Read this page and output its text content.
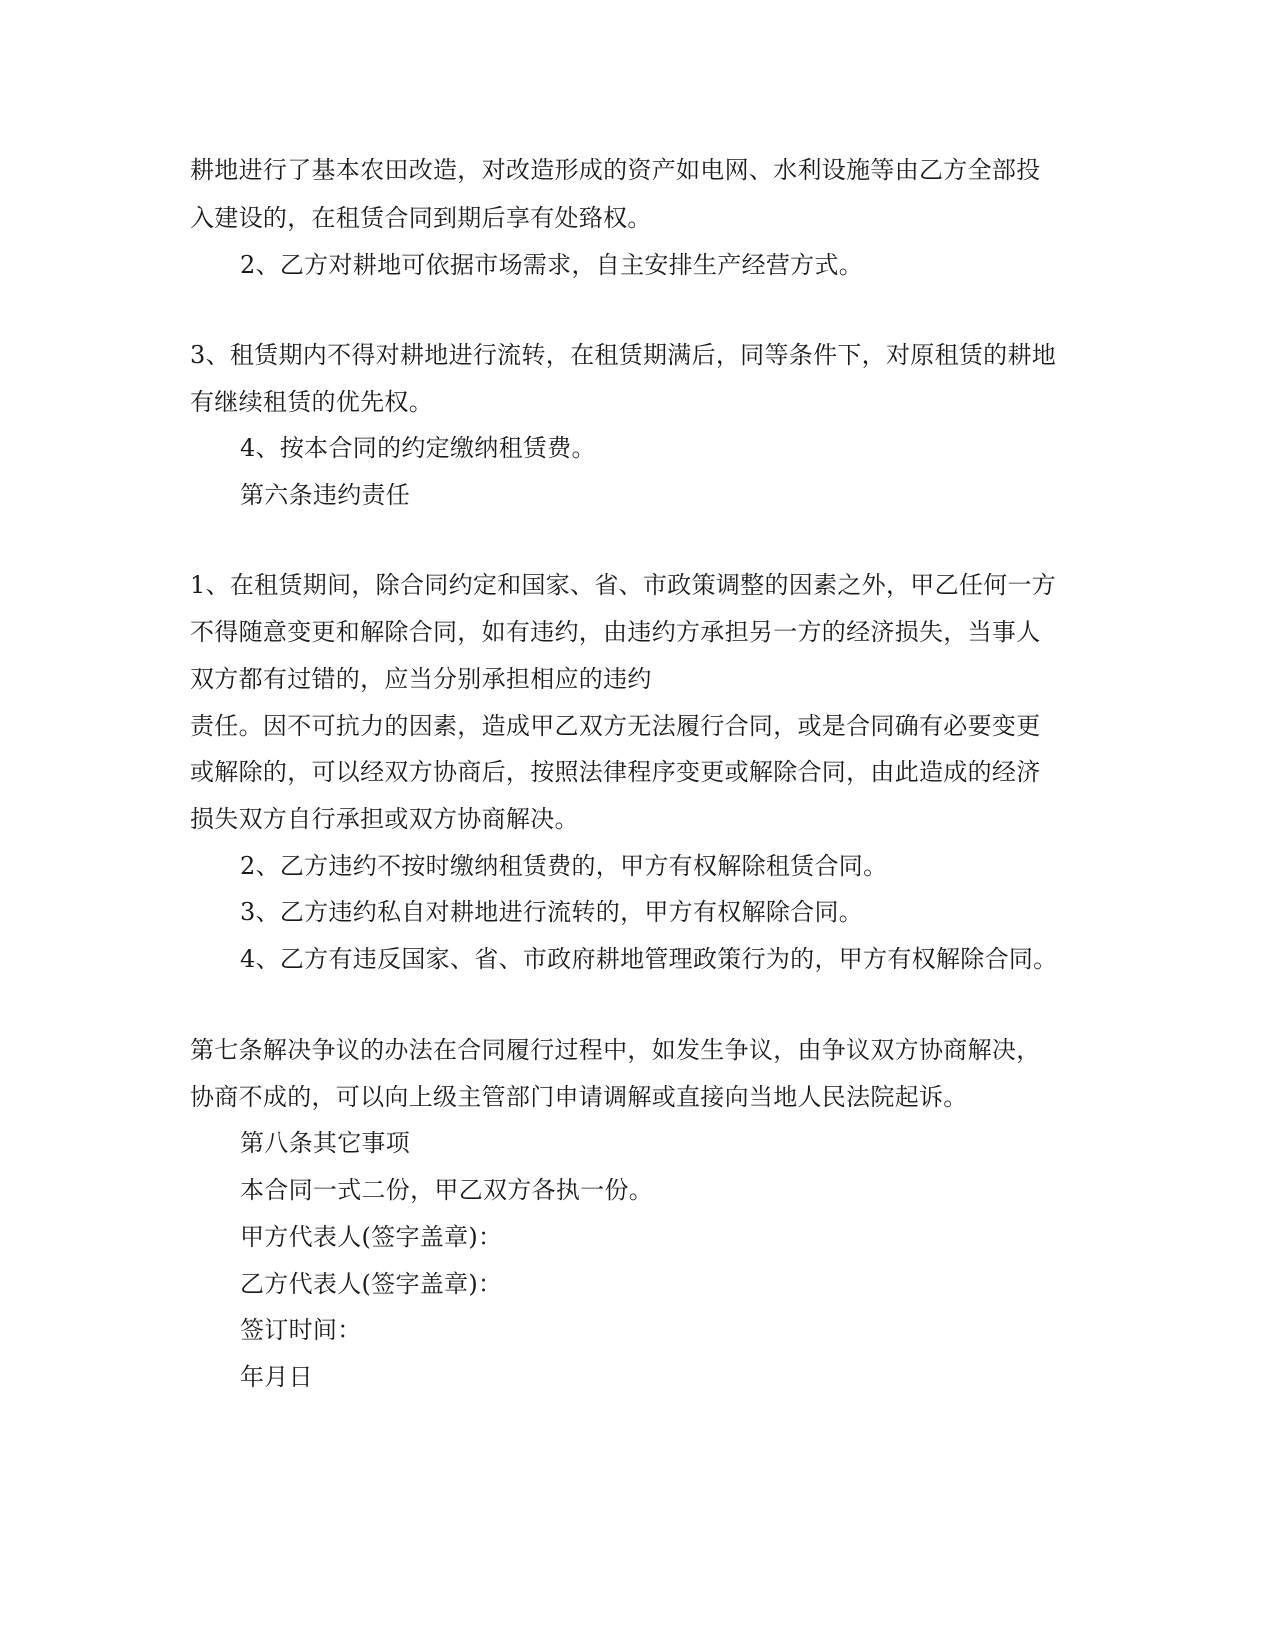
耕地进行了基本农田改造，对改造形成的资产如电网、水利设施等由乙方全部投
入建设的，在租赁合同到期后享有处臵权。
2、乙方对耕地可依据市场需求，自主安排生产经营方式。
3、租赁期内不得对耕地进行流转，在租赁期满后，同等条件下，对原租赁的耕地
有继续租赁的优先权。
4、按本合同的约定缴纳租赁费。
第六条违约责任
1、在租赁期间，除合同约定和国家、省、市政策调整的因素之外，甲乙任何一方
不得随意变更和解除合同，如有违约，由违约方承担另一方的经济损失，当事人
双方都有过错的，应当分别承担相应的违约
责任。因不可抗力的因素，造成甲乙双方无法履行合同，或是合同确有必要变更
或解除的，可以经双方协商后，按照法律程序变更或解除合同，由此造成的经济
损失双方自行承担或双方协商解决。
2、乙方违约不按时缴纳租赁费的，甲方有权解除租赁合同。
3、乙方违约私自对耕地进行流转的，甲方有权解除合同。
4、乙方有违反国家、省、市政府耕地管理政策行为的，甲方有权解除合同。
第七条解决争议的办法在合同履行过程中，如发生争议，由争议双方协商解决，
协商不成的，可以向上级主管部门申请调解或直接向当地人民法院起诉。
第八条其它事项
本合同一式二份，甲乙双方各执一份。
甲方代表人(签字盖章)：
乙方代表人(签字盖章)：
签订时间：
年月日
